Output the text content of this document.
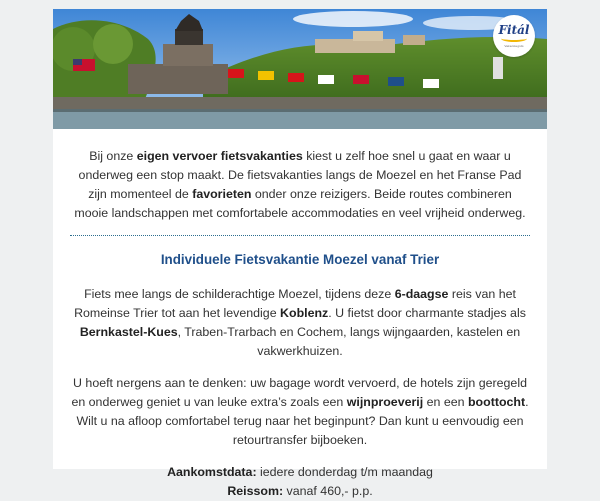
Fitál
Vakantiegids

Bij onze eigen vervoer fietsvakanties kiest u zelf hoe snel u gaat en waar u onderweg een stop maakt. De fietsvakanties langs de Moezel en het Franse Pad zijn momenteel de favorieten onder onze reizigers. Beide routes combineren mooie landschappen met comfortabele accommodaties en veel vrijheid onderweg.

Individuele Fietsvakantie Moezel vanaf Trier

Fiets mee langs de schilderachtige Moezel, tijdens deze 6-daagse reis van het Romeinse Trier tot aan het levendige Koblenz. U fietst door charmante stadjes als Bernkastel-Kues, Traben-Trarbach en Cochem, langs wijngaarden, kastelen en vakwerkhuizen.

U hoeft nergens aan te denken: uw bagage wordt vervoerd, de hotels zijn geregeld en onderweg geniet u van leuke extra’s zoals een wijnproeverij en een boottocht. Wilt u na afloop comfortabel terug naar het beginpunt? Dan kunt u eenvoudig een retourtransfer bijboeken.

Aankomstdata: iedere donderdag t/m maandag
Reissom: vanaf 460,- p.p.
